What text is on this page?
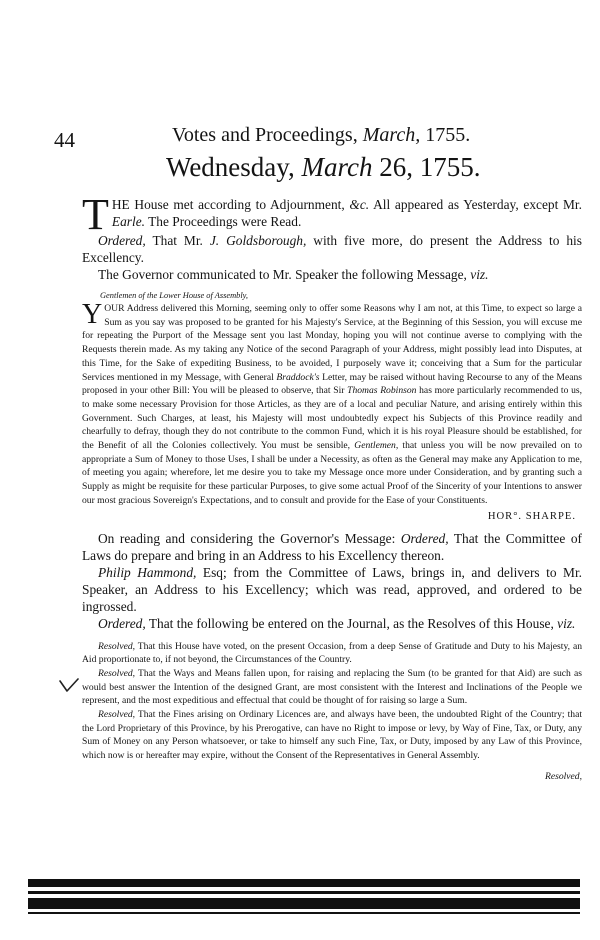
44	Votes and Proceedings, March, 1755.
Wednesday, March 26, 1755.

THE House met according to Adjournment, &c. All appeared as Yesterday, except Mr. Earle. The Proceedings were Read.

Ordered, That Mr. J. Goldsborough, with five more, do present the Address to his Excellency.

The Governor communicated to Mr. Speaker the following Message, viz.

Gentlemen of the Lower House of Assembly,

YOUR Address delivered this Morning, seeming only to offer some Reasons why I am not, at this Time, to expect so large a Sum as you say was proposed to be granted for his Majesty's Service, at the Beginning of this Session, you will excuse me for repeating the Purport of the Message sent you last Monday, hoping you will not continue averse to complying with the Requests therein made. As my taking any Notice of the second Paragraph of your Address, might possibly lead into Disputes, at this Time, for the Sake of expediting Business, to be avoided, I purposely wave it; conceiving that a Sum for the particular Services mentioned in my Message, with General Braddock's Letter, may be raised without having Recourse to any of the Means proposed in your other Bill: You will be pleased to observe, that Sir Thomas Robinson has more particularly recommended to us, to make some necessary Provision for those Articles, as they are of a local and peculiar Nature, and arising entirely within this Government. Such Charges, at least, his Majesty will most undoubtedly expect his Subjects of this Province readily and chearfully to defray, though they do not contribute to the common Fund, which it is his royal Pleasure should be established, for the Benefit of all the Colonies collectively. You must be sensible, Gentlemen, that unless you will be now prevailed on to appropriate a Sum of Money to those Uses, I shall be under a Necessity, as often as the General may make any Application to me, of meeting you again; wherefore, let me desire you to take my Message once more under Consideration, and by granting such a Supply as might be requisite for these particular Purposes, to give some actual Proof of the Sincerity of your Intentions to answer our most gracious Sovereign's Expectations, and to consult and provide for the Ease of your Constituents.

HOR°. SHARPE.

On reading and considering the Governor's Message: Ordered, That the Committee of Laws do prepare and bring in an Address to his Excellency thereon.

Philip Hammond, Esq; from the Committee of Laws, brings in, and delivers to Mr. Speaker, an Address to his Excellency; which was read, approved, and ordered to be ingrossed.

Ordered, That the following be entered on the Journal, as the Resolves of this House, viz.

Resolved, That this House have voted, on the present Occasion, from a deep Sense of Gratitude and Duty to his Majesty, an Aid proportionate to, if not beyond, the Circumstances of the Country.

Resolved, That the Ways and Means fallen upon, for raising and replacing the Sum (to be granted for that Aid) are such as would best answer the Intention of the designed Grant, are most consistent with the Interest and Inclinations of the People we represent, and the most expeditious and effectual that could be thought of for raising so large a Sum.

Resolved, That the Fines arising on Ordinary Licences are, and always have been, the undoubted Right of the Country; that the Lord Proprietary of this Province, by his Prerogative, can have no Right to impose or levy, by Way of Fine, Tax, or Duty, any Sum of Money on any Person whatsoever, or take to himself any such Fine, Tax, or Duty, imposed by any Law of this Province, which now is or hereafter may expire, without the Consent of the Representatives in General Assembly.

Resolved,
